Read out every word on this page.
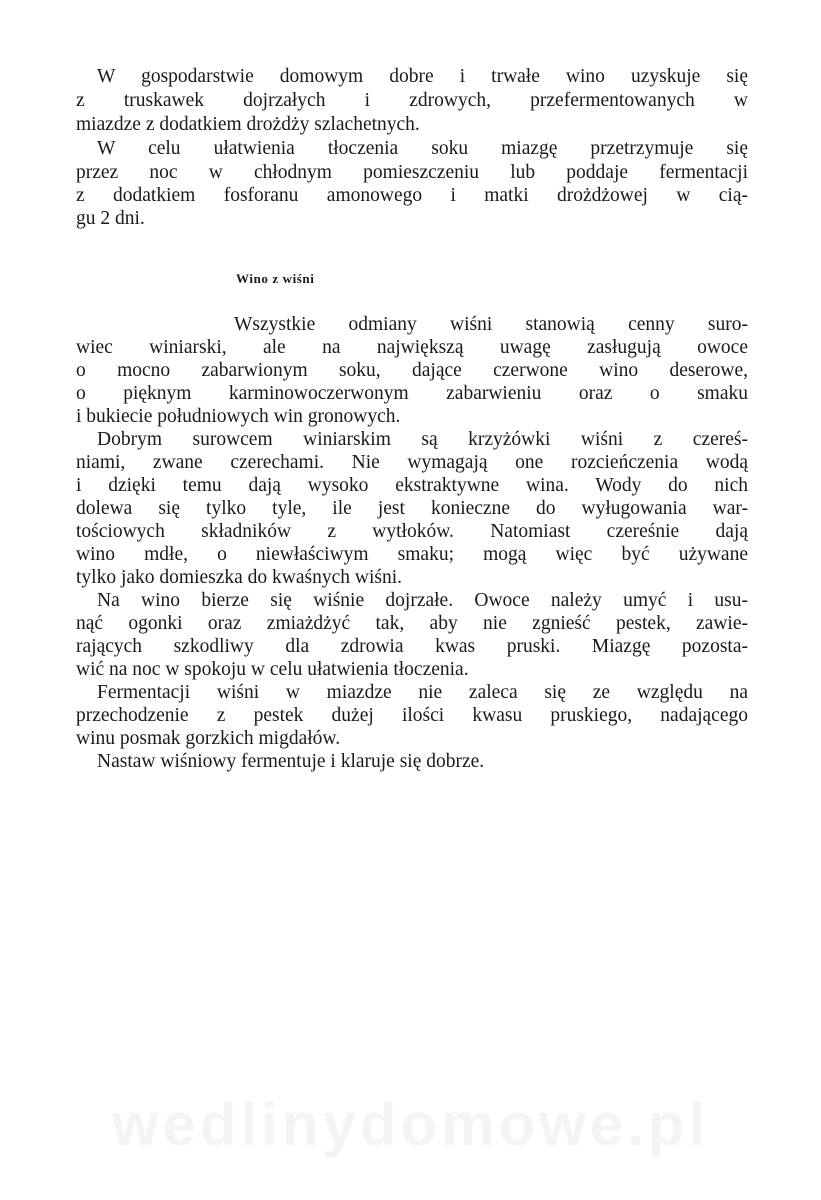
W gospodarstwie domowym dobre i trwałe wino uzyskuje się
z truskawek dojrzałych i zdrowych, przefermentowanych w
miazdze z dodatkiem drożdży szlachetnych.
W celu ułatwienia tłoczenia soku miazgę przetrzymuje się
przez noc w chłodnym pomieszczeniu lub poddaje fermentacji
z dodatkiem fosforanu amonowego i matki drożdżowej w cią-
gu 2 dni.
Wino z wiśni
Wszystkie odmiany wiśni stanowią cenny suro-
wiec winiarski, ale na największą uwagę zasługują owoce
o mocno zabarwionym soku, dające czerwone wino deserowe,
o pięknym karminowoczerwonym zabarwieniu oraz o smaku
i bukiecie południowych win gronowych.
Dobrym surowcem winiarskim są krzyżówki wiśni z czereś-
niami, zwane czerechami. Nie wymagają one rozcieńczenia wodą
i dzięki temu dają wysoko ekstraktywne wina. Wody do nich
dolewa się tylko tyle, ile jest konieczne do wyługowania war-
tościowych składników z wytłoków. Natomiast czereśnie dają
wino mdłe, o niewłaściwym smaku; mogą więc być używane
tylko jako domieszka do kwaśnych wiśni.
Na wino bierze się wiśnie dojrzałe. Owoce należy umyć i usu-
nąć ogonki oraz zmiażdżyć tak, aby nie zgnieść pestek, zawie-
rających szkodliwy dla zdrowia kwas pruski. Miazgę pozosta-
wić na noc w spokoju w celu ułatwienia tłoczenia.
Fermentacji wiśni w miazdze nie zaleca się ze względu na
przechodzenie z pestek dużej ilości kwasu pruskiego, nadającego
winu posmak gorzkich migdałów.
Nastaw wiśniowy fermentuje i klaruje się dobrze.
wedlinydomowe.pl
